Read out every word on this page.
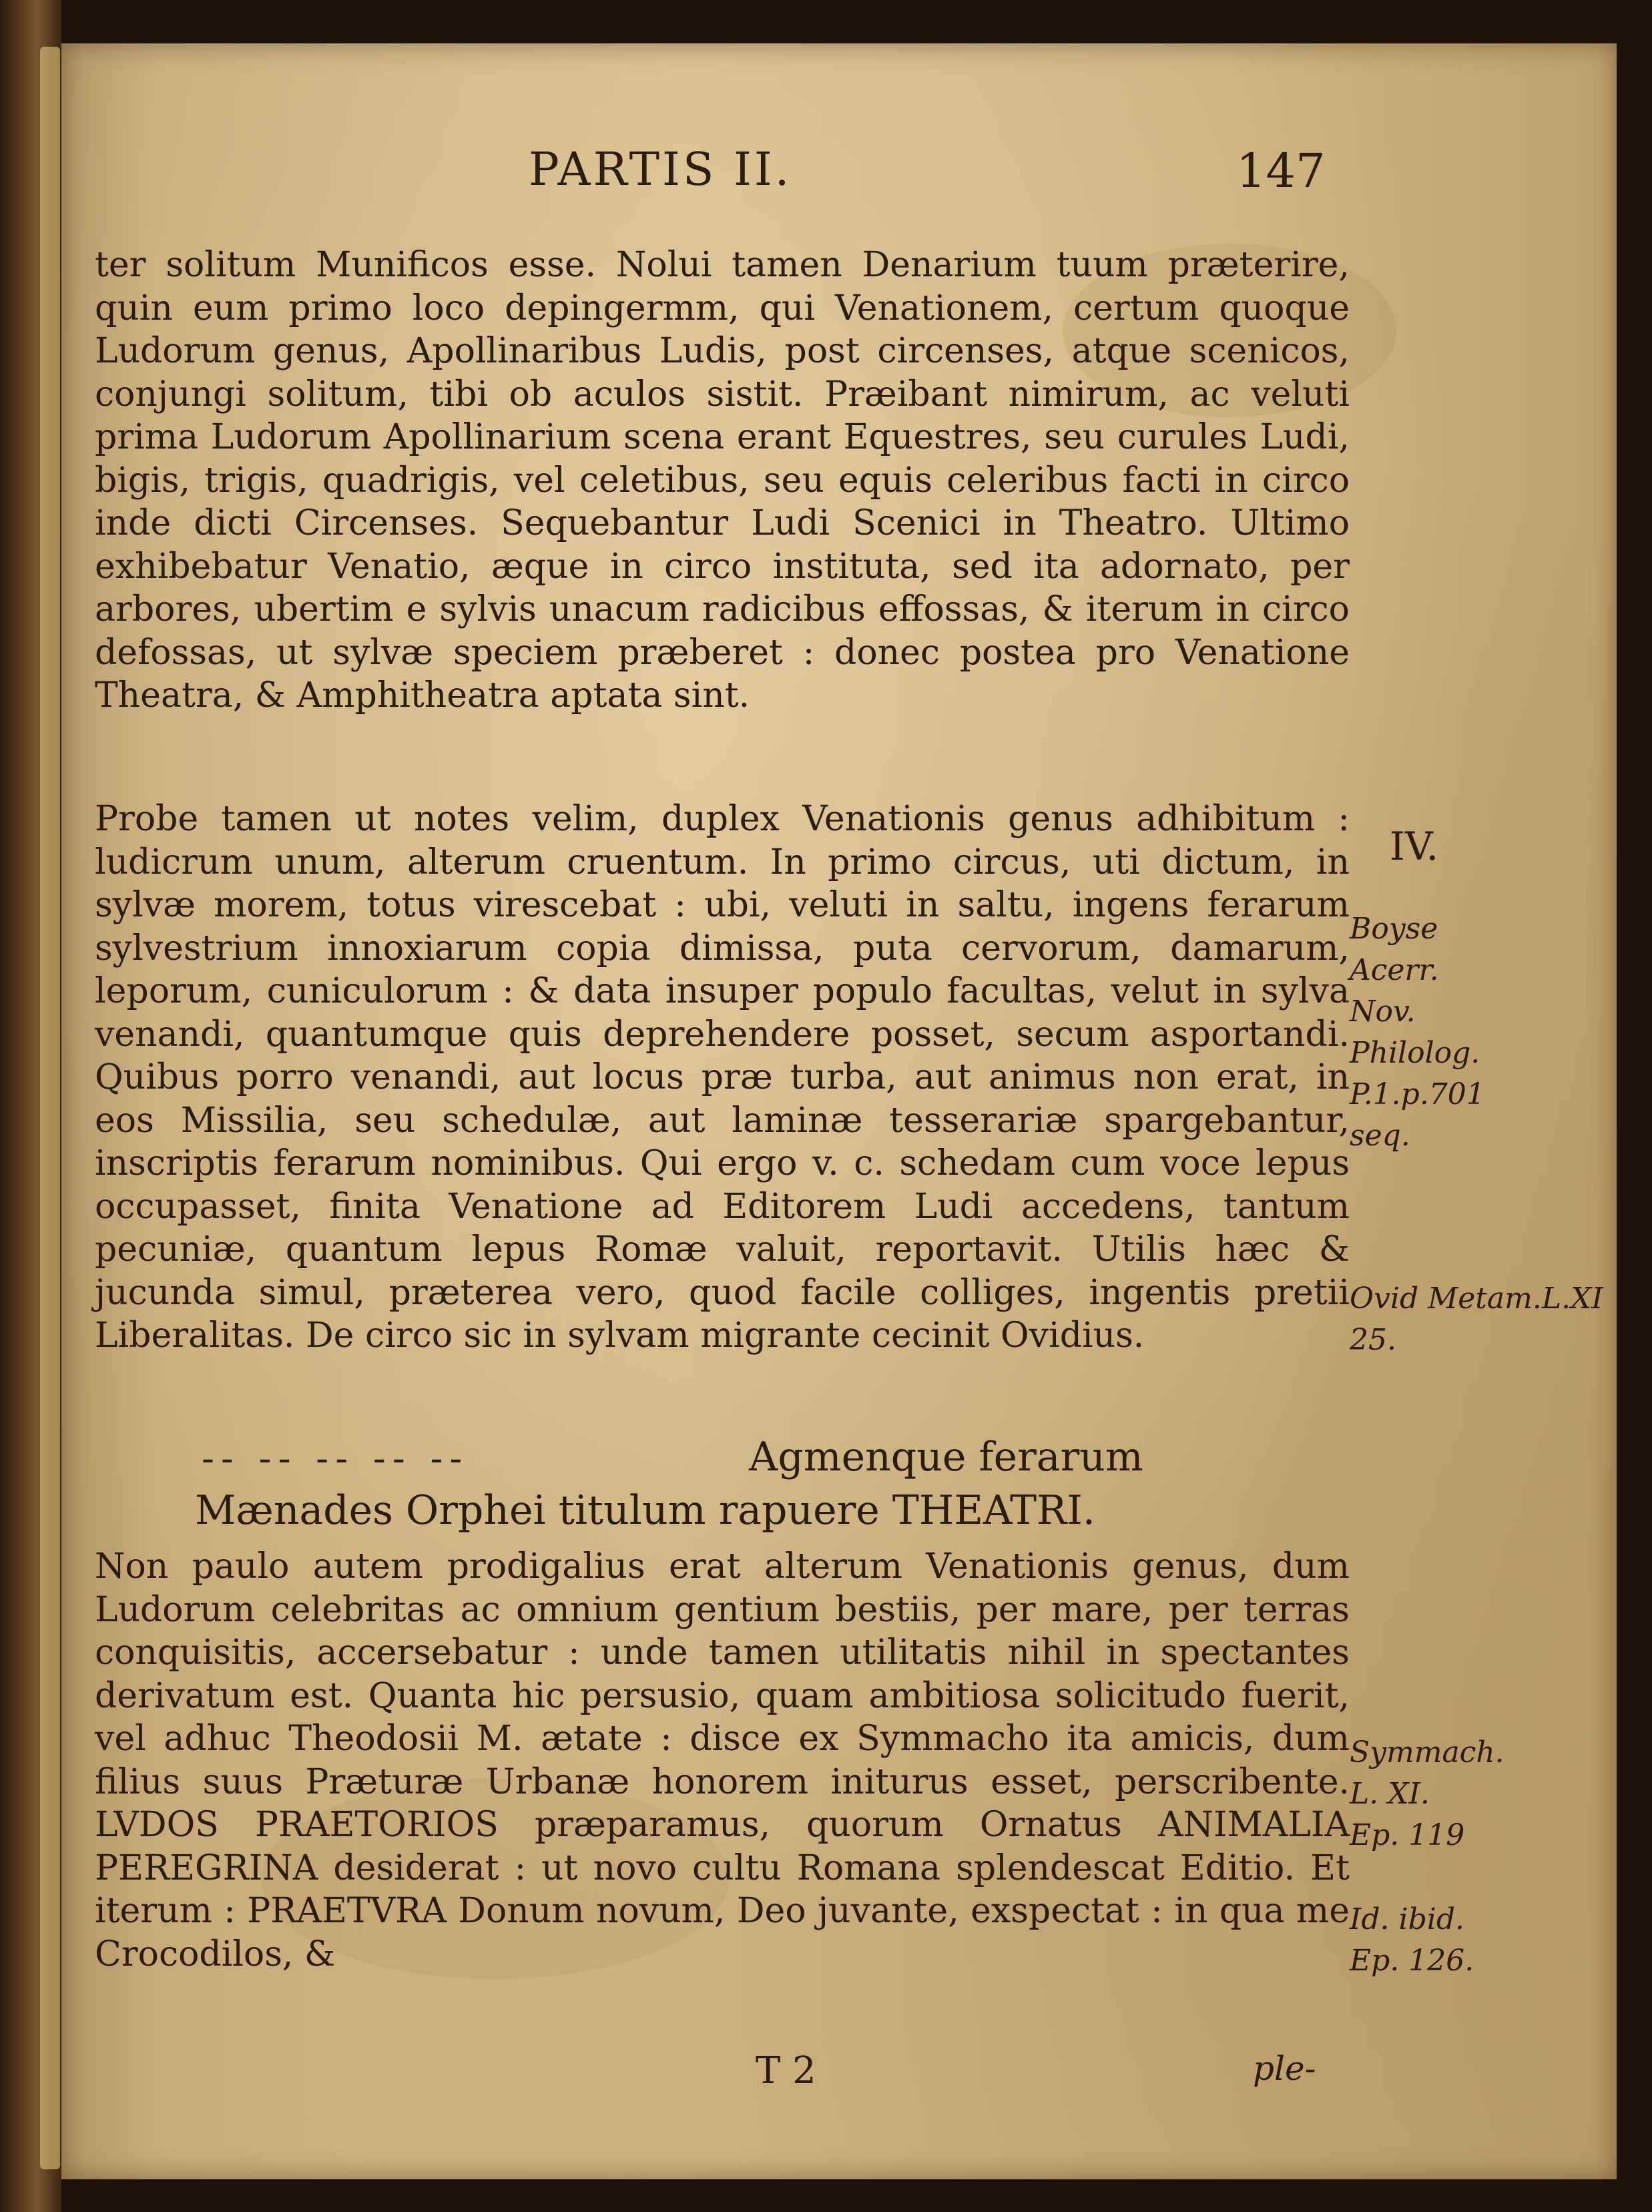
PARTIS II.	147

ter solitum Munificos esse. Nolui tamen Denarium tuum prӕterire, quin eum primo loco depingermm, qui Venationem, certum quoque Ludorum genus, Apollinaribus Ludis, post circenses, atque scenicos, conjungi solitum, tibi ob aculos sistit. Prӕibant nimirum, ac veluti prima Ludorum Apollinarium scena erant Equestres, seu curules Ludi, bigis, trigis, quadrigis, vel celetibus, seu equis celeribus facti in circo inde dicti Circenses. Sequebantur Ludi Scenici in Theatro. Ultimo exhibebatur Venatio, ӕque in circo instituta, sed ita adornato, per arbores, ubertim e sylvis unacum radicibus effossas, & iterum in circo defossas, ut sylvӕ speciem prӕberet : donec postea pro Venatione Theatra, & Amphitheatra aptata sint.

Probe tamen ut notes velim, duplex Venationis genus adhibitum : ludicrum unum, alterum cruentum. In primo circus, uti dictum, in sylvӕ morem, totus virescebat : ubi, veluti in saltu, ingens ferarum sylvestrium innoxiarum copia dimissa, puta cervorum, damarum, leporum, cuniculorum : & data insuper populo facultas, velut in sylva venandi, quantumque quis deprehendere posset, secum asportandi. Quibus porro venandi, aut locus prӕ turba, aut animus non erat, in eos Missilia, seu schedulӕ, aut laminӕ tesserariӕ spargebantur, inscriptis ferarum nominibus. Qui ergo v. c. schedam cum voce lepus occupasset, finita Venatione ad Editorem Ludi accedens, tantum pecuniӕ, quantum lepus Romӕ valuit, reportavit. Utilis hӕc & jucunda simul, prӕterea vero, quod facile colliges, ingentis pretii Liberalitas. De circo sic in sylvam migrante cecinit Ovidius.

-- -- -- -- --	Agmenque ferarum
Mӕnades Orphei titulum rapuere THEATRI.

Non paulo autem prodigalius erat alterum Venationis genus, dum Ludorum celebritas ac omnium gentium bestiis, per mare, per terras conquisitis, accersebatur : unde tamen utilitatis nihil in spectantes derivatum est. Quanta hic persusio, quam ambitiosa solicitudo fuerit, vel adhuc Theodosii M. ӕtate : disce ex Symmacho ita amicis, dum filius suus Prӕturӕ Urbanӕ honorem initurus esset, perscribente. LVDOS PRAETORIOS prӕparamus, quorum Ornatus ANIMALIA PEREGRINA desiderat : ut novo cultu Romana splendescat Editio. Et iterum : PRAETVRA Donum novum, Deo juvante, exspectat : in qua me Crocodilos, &

IV.

Boyse
Acerr.
Nov.
Philolog.
P.1.p.701
seq.

Ovid Metam.L.XI
25.
Symmach.
L. XI.
Ep. 119
Id. ibid.
Ep. 126.
T 2	ple-
